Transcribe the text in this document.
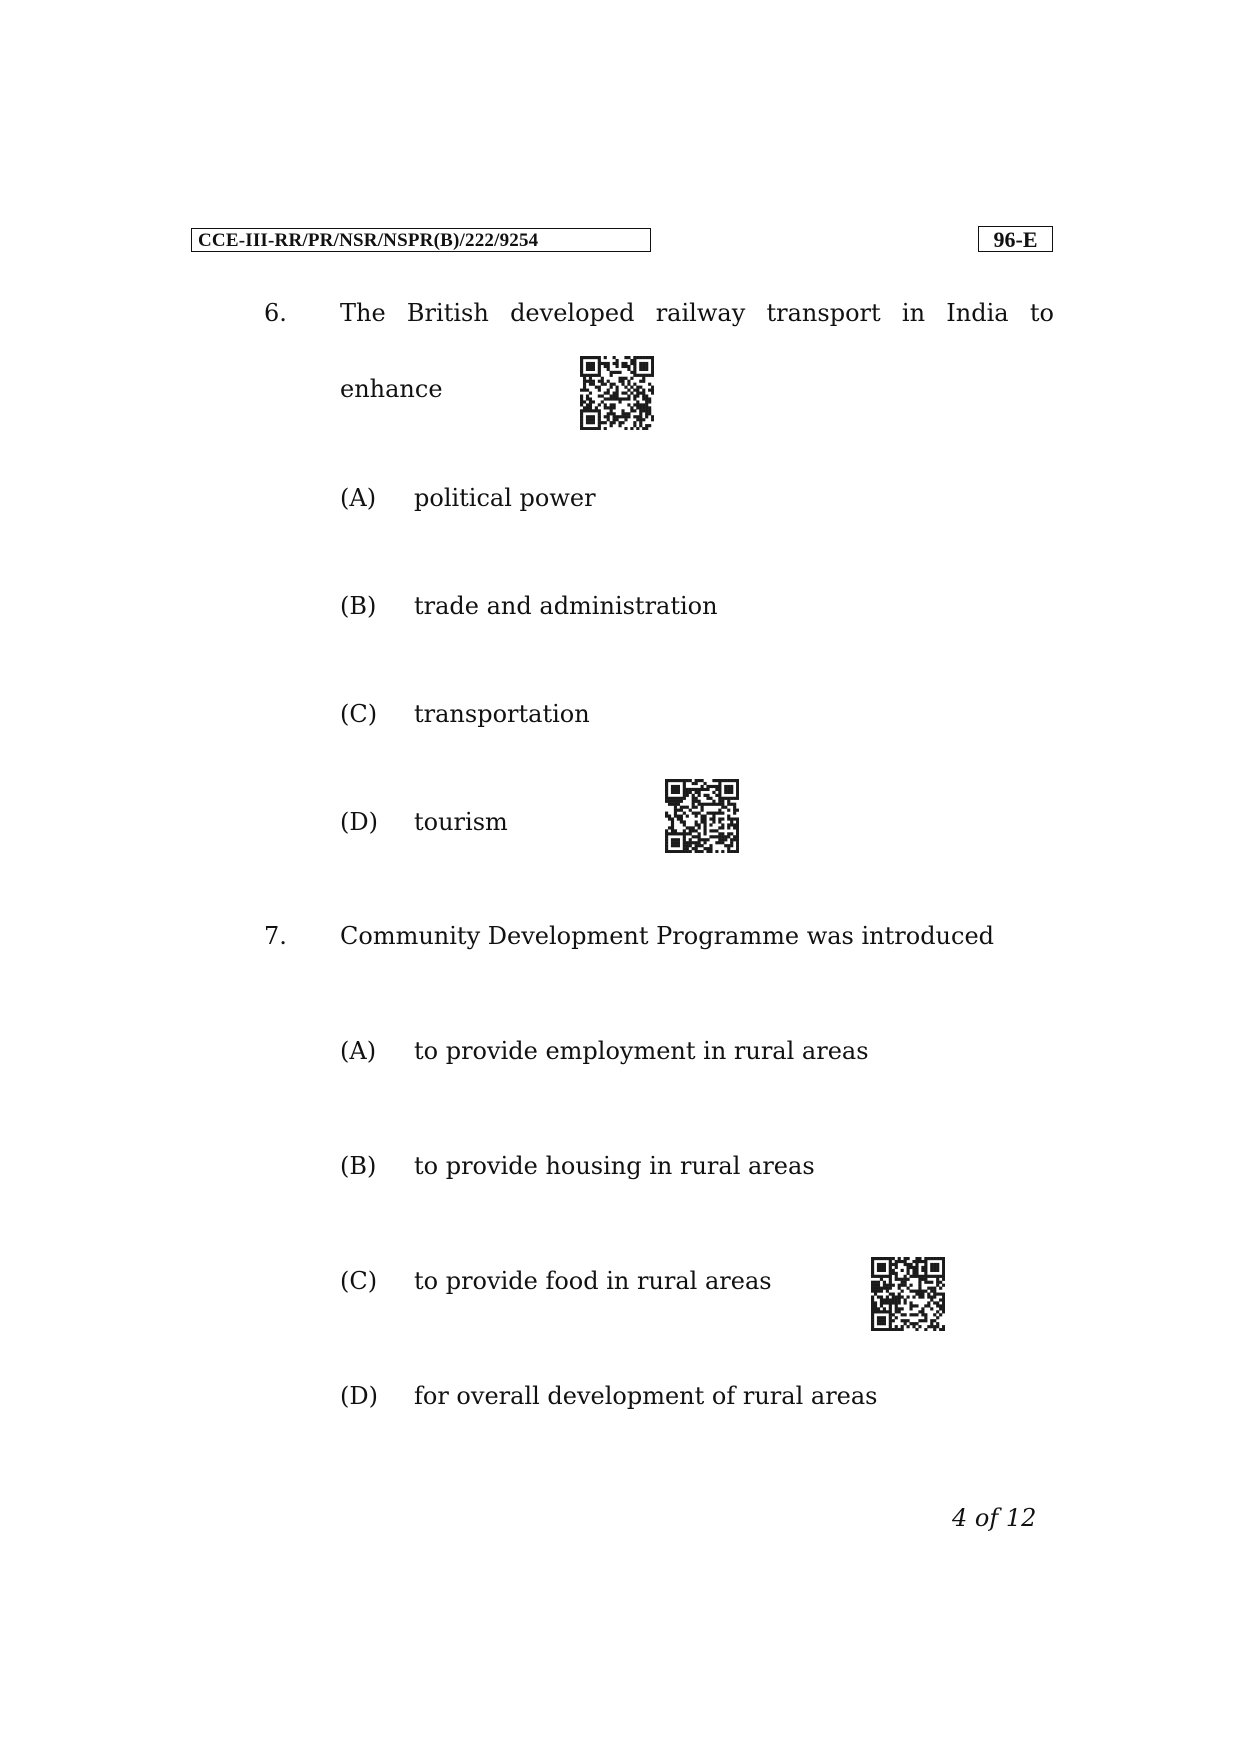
CCE-III-RR/PR/NSR/NSPR(B)/222/9254	96-E
6. The British developed railway transport in India to
enhance
(A) political power
(B) trade and administration
(C) transportation
(D) tourism
7. Community Development Programme was introduced
(A) to provide employment in rural areas
(B) to provide housing in rural areas
(C) to provide food in rural areas
(D) for overall development of rural areas
4 of 12
